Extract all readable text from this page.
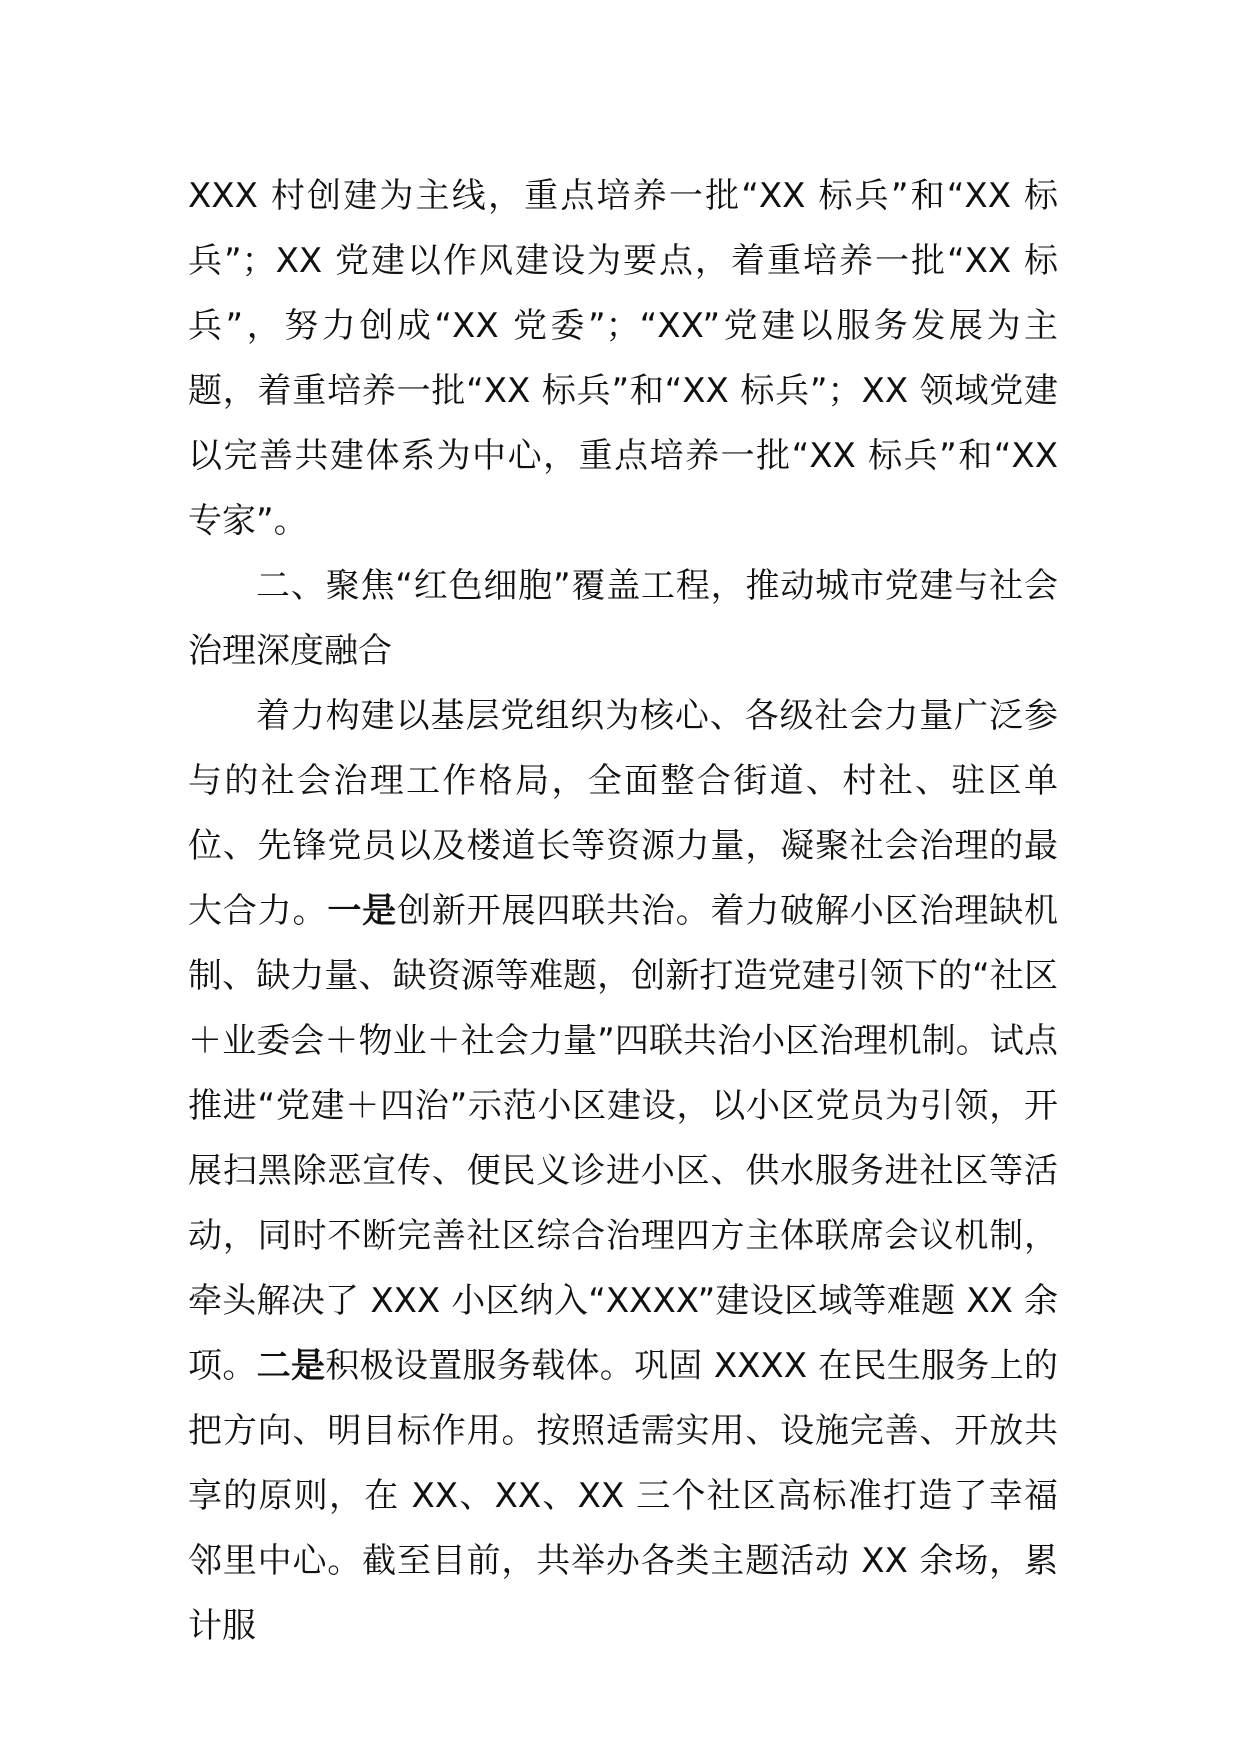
XXX 村创建为主线，重点培养一批“XX 标兵”和“XX 标兵”；XX 党建以作风建设为要点，着重培养一批“XX 标兵”，努力创成“XX 党委”；“XX”党建以服务发展为主题，着重培养一批“XX 标兵”和“XX 标兵”；XX 领域党建以完善共建体系为中心，重点培养一批“XX 标兵”和“XX 专家”。

二、聚焦“红色细胞”覆盖工程，推动城市党建与社会治理深度融合

着力构建以基层党组织为核心、各级社会力量广泛参与的社会治理工作格局，全面整合街道、村社、驻区单位、先锋党员以及楼道长等资源力量，凝聚社会治理的最大合力。一是创新开展四联共治。着力破解小区治理缺机制、缺力量、缺资源等难题，创新打造党建引领下的“社区＋业委会＋物业＋社会力量”四联共治小区治理机制。试点推进“党建＋四治”示范小区建设，以小区党员为引领，开展扫黑除恶宣传、便民义诊进小区、供水服务进社区等活动，同时不断完善社区综合治理四方主体联席会议机制，牵头解决了 XXX 小区纳入“XXXX”建设区域等难题 XX 余项。二是积极设置服务载体。巩固 XXXX 在民生服务上的把方向、明目标作用。按照适需实用、设施完善、开放共享的原则，在 XX、XX、XX 三个社区高标准打造了幸福邻里中心。截至目前，共举办各类主题活动 XX 余场，累计服
